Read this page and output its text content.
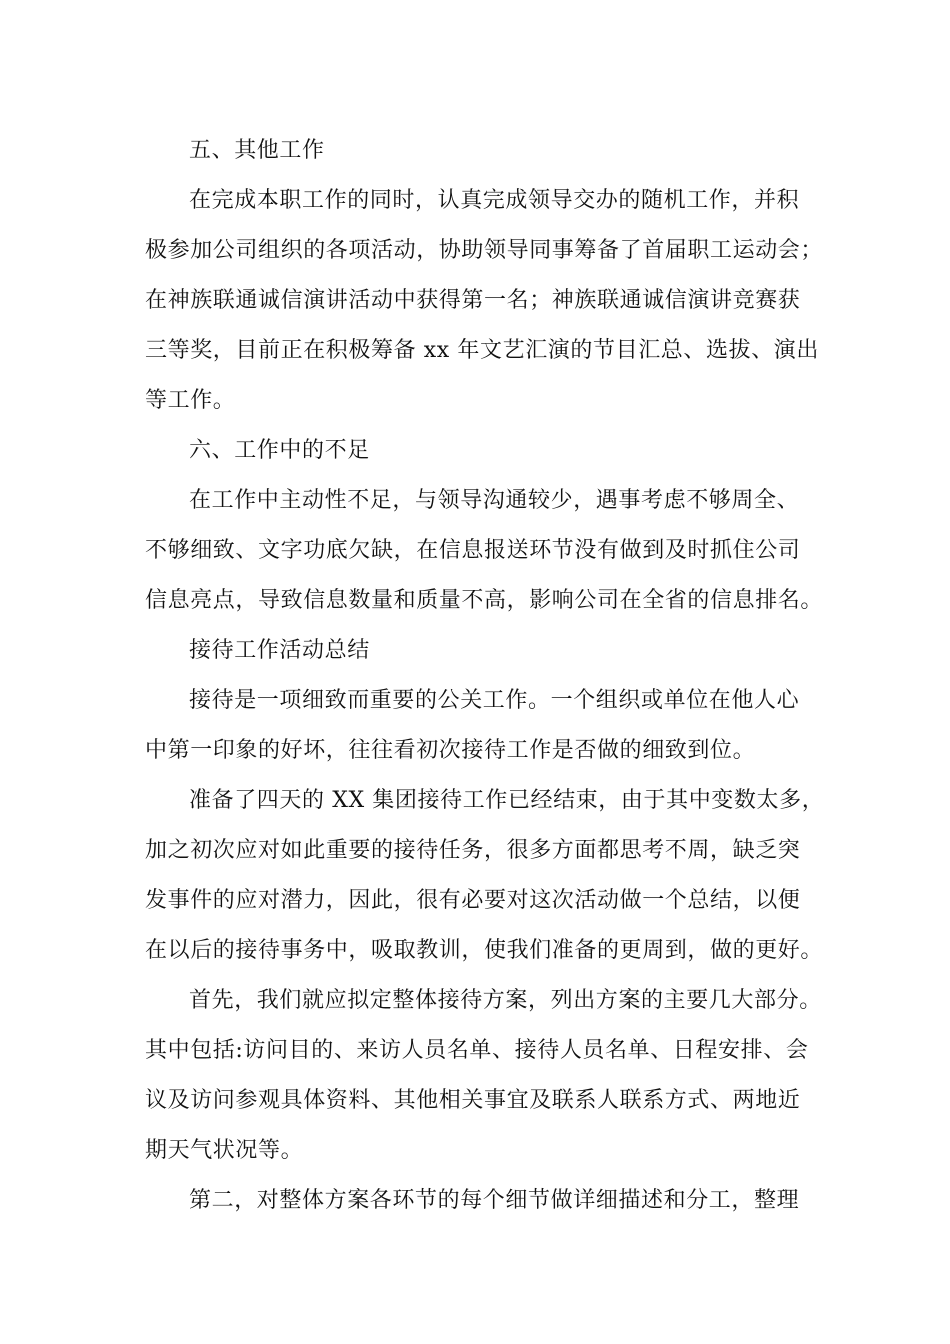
五、其他工作

在完成本职工作的同时，认真完成领导交办的随机工作，并积

极参加公司组织的各项活动，协助领导同事筹备了首届职工运动会；

在神族联通诚信演讲活动中获得第一名；神族联通诚信演讲竞赛获

三等奖，目前正在积极筹备 xx 年文艺汇演的节目汇总、选拔、演出

等工作。

六、工作中的不足

在工作中主动性不足，与领导沟通较少，遇事考虑不够周全、

不够细致、文字功底欠缺，在信息报送环节没有做到及时抓住公司

信息亮点，导致信息数量和质量不高，影响公司在全省的信息排名。

接待工作活动总结

接待是一项细致而重要的公关工作。一个组织或单位在他人心

中第一印象的好坏，往往看初次接待工作是否做的细致到位。

准备了四天的 XX 集团接待工作已经结束，由于其中变数太多，

加之初次应对如此重要的接待任务，很多方面都思考不周，缺乏突

发事件的应对潜力，因此，很有必要对这次活动做一个总结，以便

在以后的接待事务中，吸取教训，使我们准备的更周到，做的更好。

首先，我们就应拟定整体接待方案，列出方案的主要几大部分。

其中包括:访问目的、来访人员名单、接待人员名单、日程安排、会

议及访问参观具体资料、其他相关事宜及联系人联系方式、两地近

期天气状况等。

第二，对整体方案各环节的每个细节做详细描述和分工，整理
